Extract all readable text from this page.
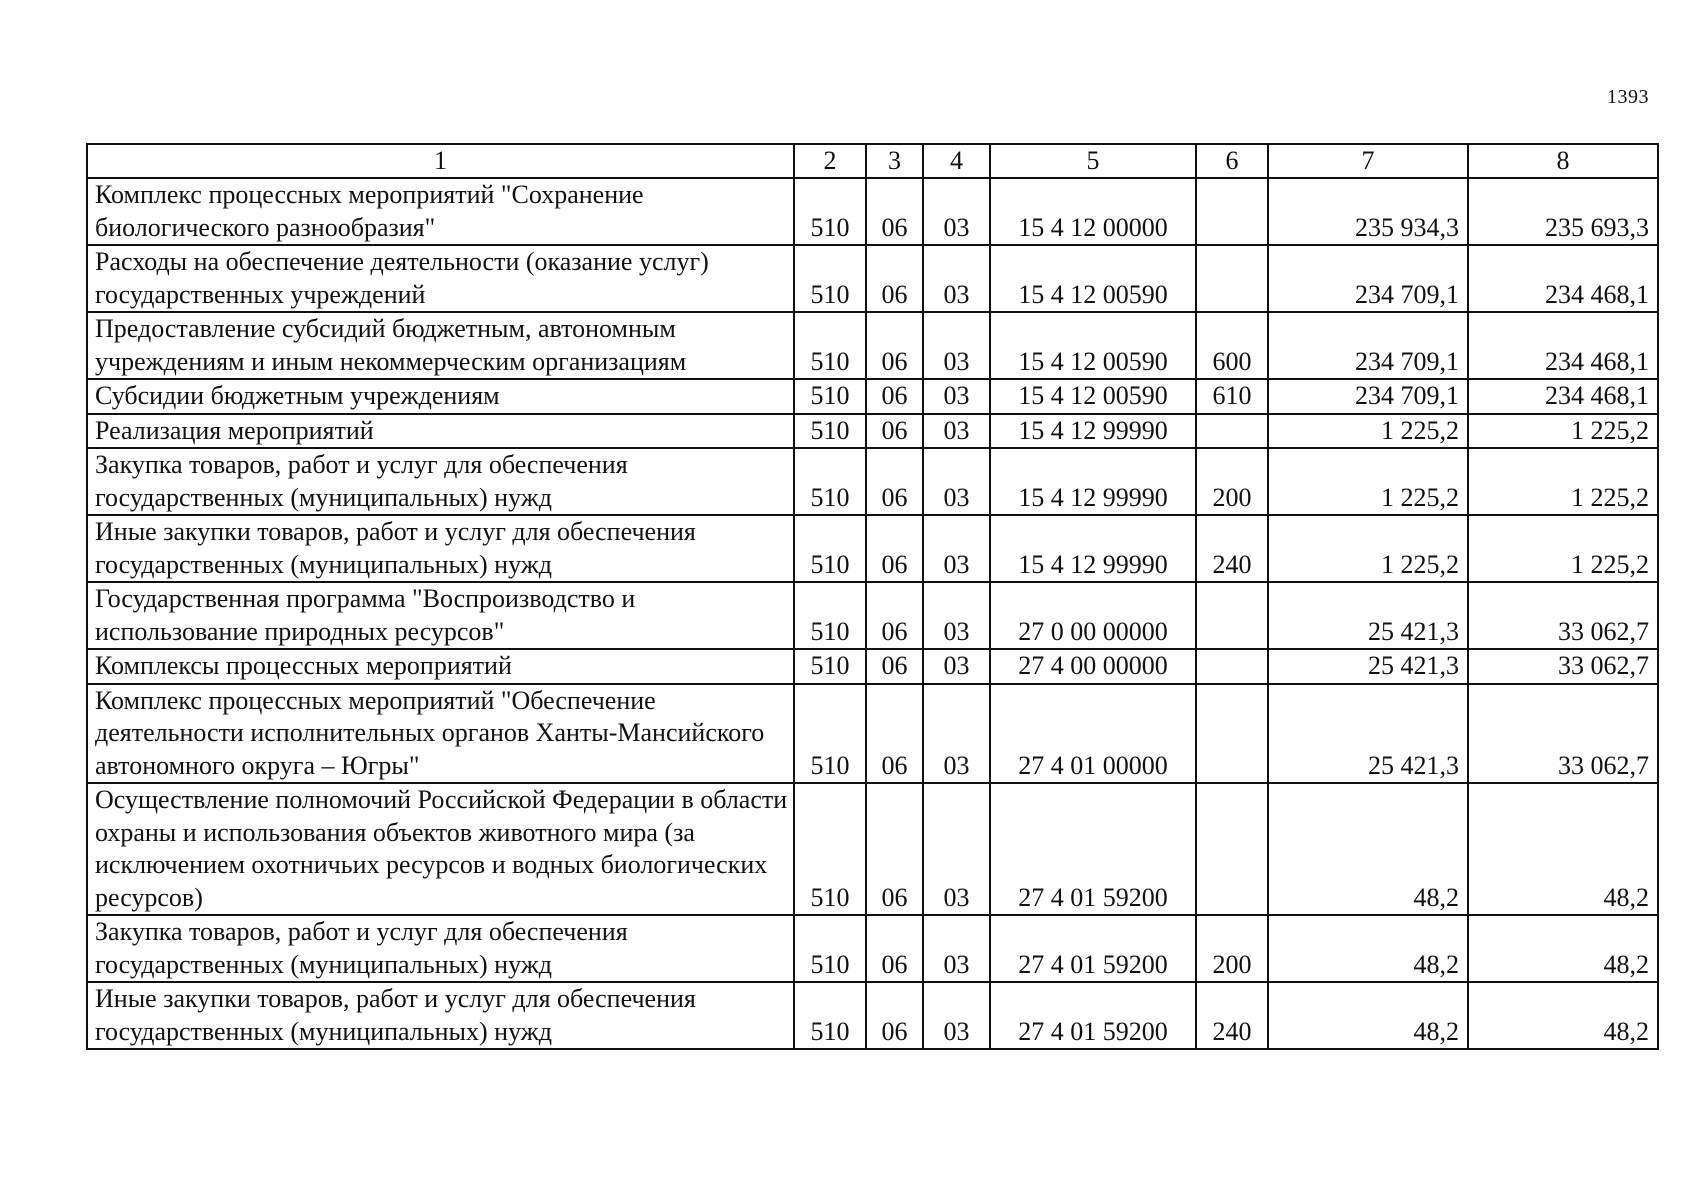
1393
1	2	3	4	5	6	7	8
Комплекс процессных мероприятий "Сохранение биологического разнообразия"	510	06	03	15 4 12 00000		235 934,3	235 693,3
Расходы на обеспечение деятельности (оказание услуг) государственных учреждений	510	06	03	15 4 12 00590		234 709,1	234 468,1
Предоставление субсидий бюджетным, автономным учреждениям и иным некоммерческим организациям	510	06	03	15 4 12 00590	600	234 709,1	234 468,1
Субсидии бюджетным учреждениям	510	06	03	15 4 12 00590	610	234 709,1	234 468,1
Реализация мероприятий	510	06	03	15 4 12 99990		1 225,2	1 225,2
Закупка товаров, работ и услуг для обеспечения государственных (муниципальных) нужд	510	06	03	15 4 12 99990	200	1 225,2	1 225,2
Иные закупки товаров, работ и услуг для обеспечения государственных (муниципальных) нужд	510	06	03	15 4 12 99990	240	1 225,2	1 225,2
Государственная программа "Воспроизводство и использование природных ресурсов"	510	06	03	27 0 00 00000		25 421,3	33 062,7
Комплексы процессных мероприятий	510	06	03	27 4 00 00000		25 421,3	33 062,7
Комплекс процессных мероприятий "Обеспечение деятельности исполнительных органов Ханты-Мансийского автономного округа – Югры"	510	06	03	27 4 01 00000		25 421,3	33 062,7
Осуществление полномочий Российской Федерации в области охраны и использования объектов животного мира (за исключением охотничьих ресурсов и водных биологических ресурсов)	510	06	03	27 4 01 59200		48,2	48,2
Закупка товаров, работ и услуг для обеспечения государственных (муниципальных) нужд	510	06	03	27 4 01 59200	200	48,2	48,2
Иные закупки товаров, работ и услуг для обеспечения государственных (муниципальных) нужд	510	06	03	27 4 01 59200	240	48,2	48,2
